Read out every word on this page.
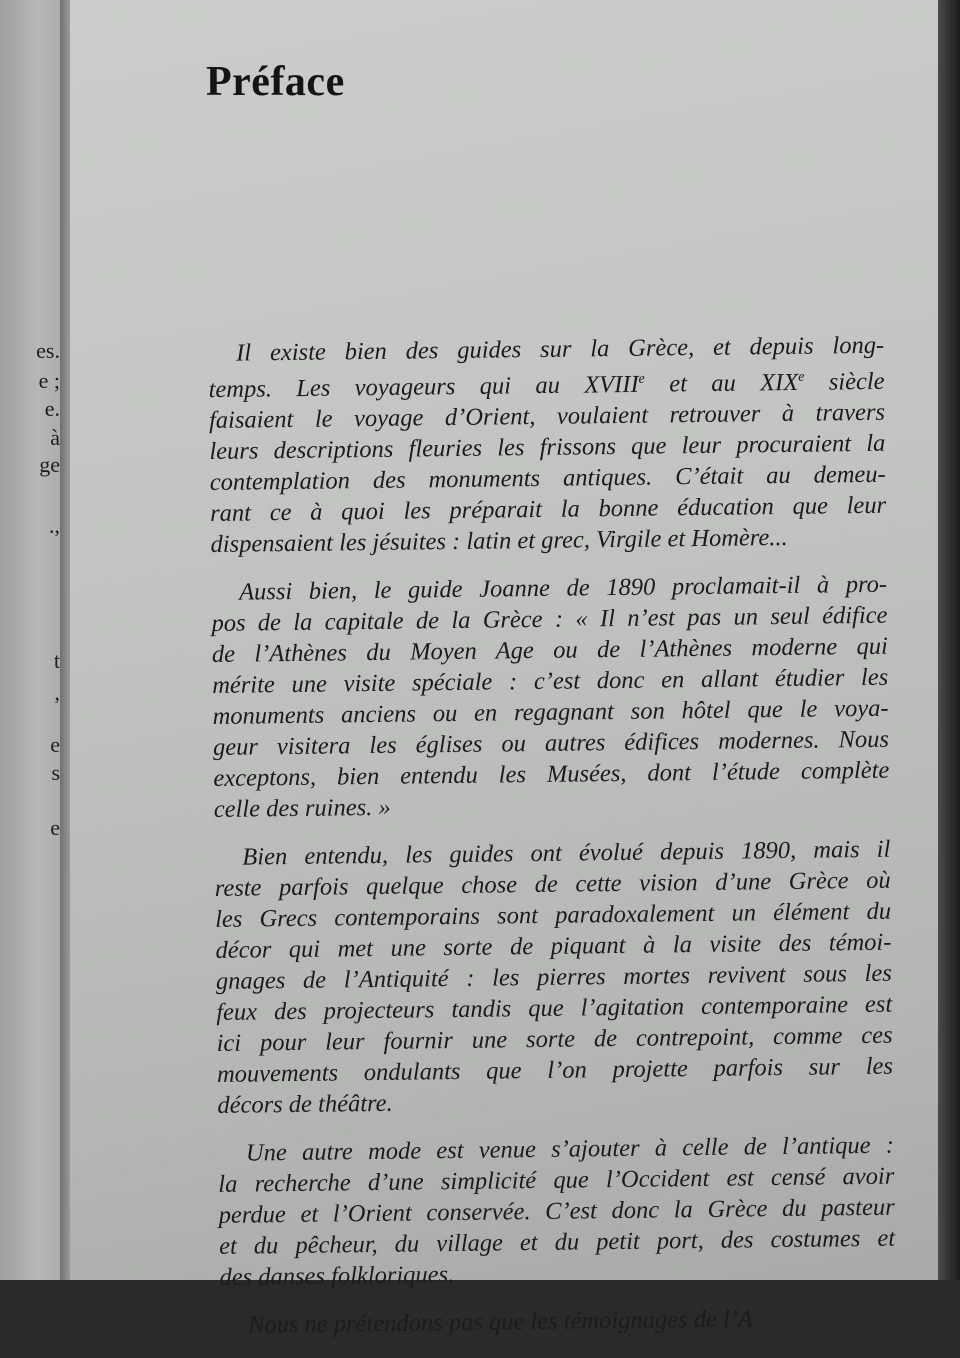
es.
e ;
e.
à
ge
.,
t
,
e
s
e
Préface
Il existe bien des guides sur la Grèce, et depuis long-
temps. Les voyageurs qui au XVIIIe et au XIXe siècle
faisaient le voyage d’Orient, voulaient retrouver à travers
leurs descriptions fleuries les frissons que leur procuraient la
contemplation des monuments antiques. C’était au demeu-
rant ce à quoi les préparait la bonne éducation que leur
dispensaient les jésuites : latin et grec, Virgile et Homère...
Aussi bien, le guide Joanne de 1890 proclamait-il à pro-
pos de la capitale de la Grèce : « Il n’est pas un seul édifice
de l’Athènes du Moyen Age ou de l’Athènes moderne qui
mérite une visite spéciale : c’est donc en allant étudier les
monuments anciens ou en regagnant son hôtel que le voya-
geur visitera les églises ou autres édifices modernes. Nous
exceptons, bien entendu les Musées, dont l’étude complète
celle des ruines. »
Bien entendu, les guides ont évolué depuis 1890, mais il
reste parfois quelque chose de cette vision d’une Grèce où
les Grecs contemporains sont paradoxalement un élément du
décor qui met une sorte de piquant à la visite des témoi-
gnages de l’Antiquité : les pierres mortes revivent sous les
feux des projecteurs tandis que l’agitation contemporaine est
ici pour leur fournir une sorte de contrepoint, comme ces
mouvements ondulants que l’on projette parfois sur les
décors de théâtre.
Une autre mode est venue s’ajouter à celle de l’antique :
la recherche d’une simplicité que l’Occident est censé avoir
perdue et l’Orient conservée. C’est donc la Grèce du pasteur
et du pêcheur, du village et du petit port, des costumes et
des danses folkloriques.
Nous ne prétendons pas que les témoignages de l’A
